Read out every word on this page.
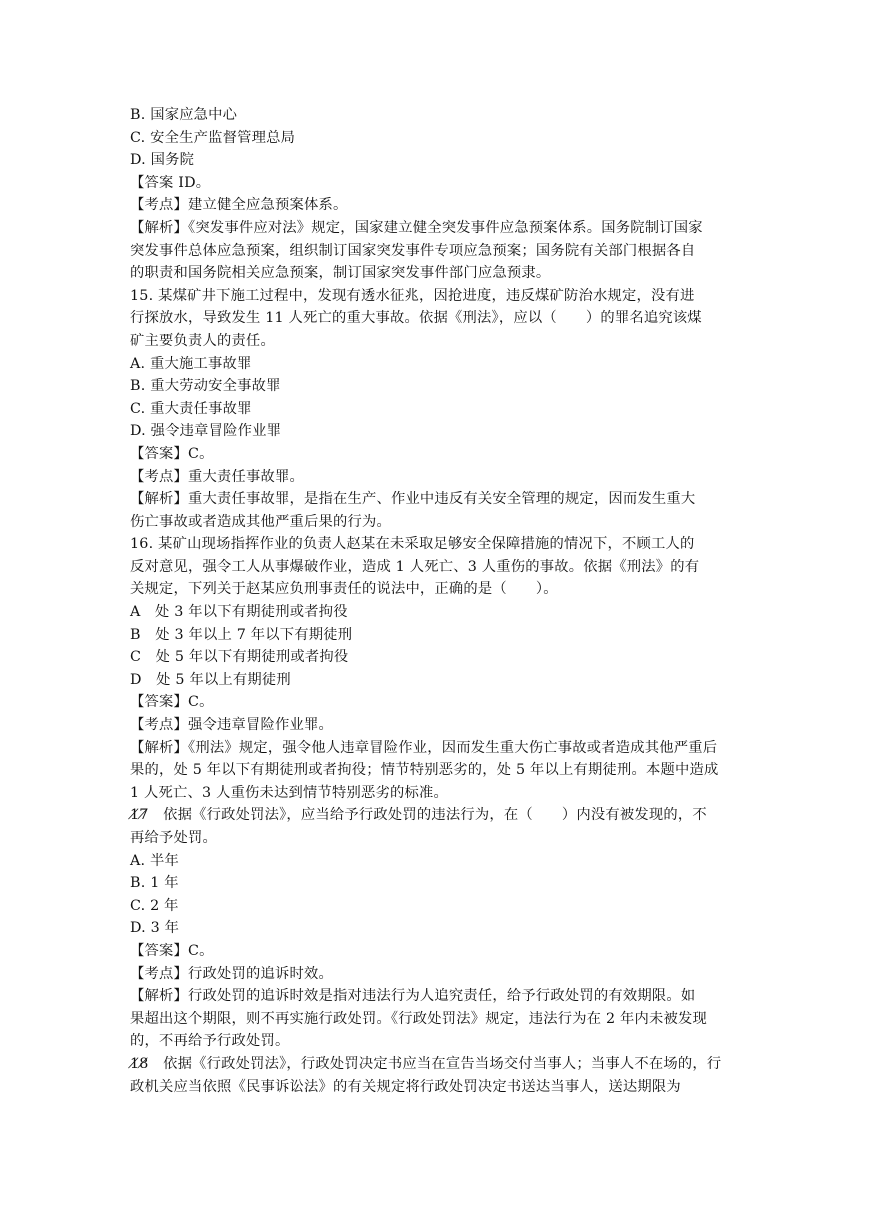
B. 国家应急中心
C. 安全生产监督管理总局
D. 国务院
【答案 ID。
【考点】建立健全应急预案体系。
【解析】《突发事件应对法》规定，国家建立健全突发事件应急预案体系。国务院制订国家
突发事件总体应急预案，组织制订国家突发事件专项应急预案；国务院有关部门根据各自
的职责和国务院相关应急预案，制订国家突发事件部门应急预隶。
15. 某煤矿井下施工过程中，发现有透水征兆，因抢进度，违反煤矿防治水规定，没有进
行探放水，导致发生 11 人死亡的重大事故。依据《刑法》，应以（　　）的罪名追究该煤
矿主要负责人的责任。
A. 重大施工事故罪
B. 重大劳动安全事故罪
C. 重大责任事故罪
D. 强令违章冒险作业罪
【答案】C。
【考点】重大责任事故罪。
【解析】重大责任事故罪，是指在生产、作业中违反有关安全管理的规定，因而发生重大
伤亡事故或者造成其他严重后果的行为。
16. 某矿山现场指挥作业的负责人赵某在未采取足够安全保障措施的情况下，不顾工人的
反对意见，强令工人从事爆破作业，造成 1 人死亡、3 人重伤的事故。依据《刑法》的有
关规定，下列关于赵某应负刑事责任的说法中，正确的是（　　）。
A　处 3 年以下有期徒刑或者拘役
B　处 3 年以上 7 年以下有期徒刑
C　处 5 年以下有期徒刑或者拘役
D　处 5 年以上有期徒刑
【答案】C。
【考点】强令违章冒险作业罪。
【解析】《刑法》规定，强令他人违章冒险作业，因而发生重大伤亡事故或者造成其他严重后
果的，处 5 年以下有期徒刑或者拘役；情节特别恶劣的，处 5 年以上有期徒刑。本题中造成
1 人死亡、3 人重伤未达到情节特别恶劣的标准。
1̸7̸　依据《行政处罚法》，应当给予行政处罚的违法行为，在（　　）内没有被发现的，不
再给予处罚。
A. 半年
B. 1 年
C. 2 年
D. 3 年
【答案】C。
【考点】行政处罚的追诉时效。
【解析】行政处罚的追诉时效是指对违法行为人追究责任，给予行政处罚的有效期限。如
果超出这个期限，则不再实施行政处罚。《行政处罚法》规定，违法行为在 2 年内未被发现
的，不再给予行政处罚。
1̸8̸　依据《行政处罚法》，行政处罚决定书应当在宣告当场交付当事人；当事人不在场的，行
政机关应当依照《民事诉讼法》的有关规定将行政处罚决定书送达当事人，送达期限为
